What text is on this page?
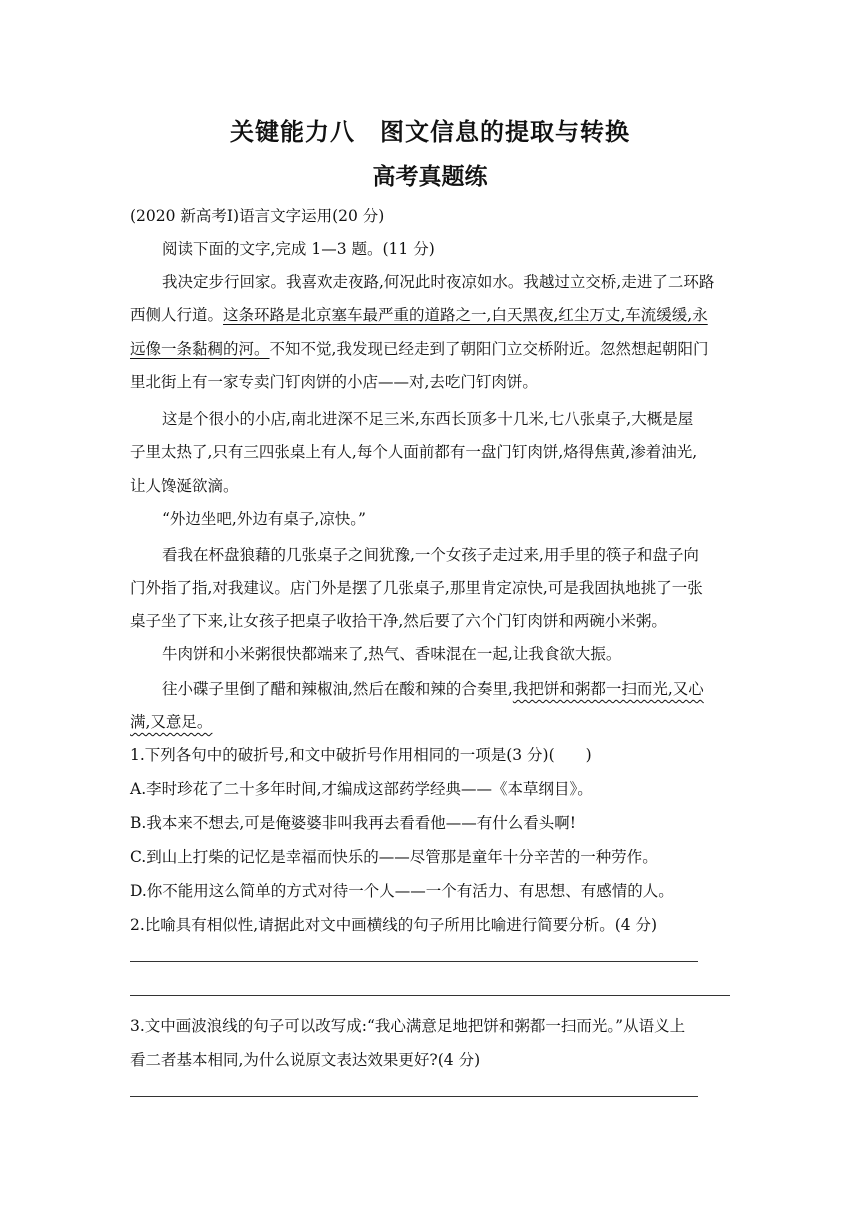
关键能力八　图文信息的提取与转换
高考真题练
(2020 新高考Ⅰ)语言文字运用(20 分)
阅读下面的文字,完成 1—3 题。(11 分)
我决定步行回家。我喜欢走夜路,何况此时夜凉如水。我越过立交桥,走进了二环路
西侧人行道。这条环路是北京塞车最严重的道路之一,白天黑夜,红尘万丈,车流缓缓,永
远像一条黏稠的河。不知不觉,我发现已经走到了朝阳门立交桥附近。忽然想起朝阳门
里北街上有一家专卖门钉肉饼的小店——对,去吃门钉肉饼。
这是个很小的小店,南北进深不足三米,东西长顶多十几米,七八张桌子,大概是屋
子里太热了,只有三四张桌上有人,每个人面前都有一盘门钉肉饼,烙得焦黄,渗着油光,
让人馋涎欲滴。
“外边坐吧,外边有桌子,凉快。”
看我在杯盘狼藉的几张桌子之间犹豫,一个女孩子走过来,用手里的筷子和盘子向
门外指了指,对我建议。店门外是摆了几张桌子,那里肯定凉快,可是我固执地挑了一张
桌子坐了下来,让女孩子把桌子收拾干净,然后要了六个门钉肉饼和两碗小米粥。
牛肉饼和小米粥很快都端来了,热气、香味混在一起,让我食欲大振。
往小碟子里倒了醋和辣椒油,然后在酸和辣的合奏里,我把饼和粥都一扫而光,又心
满,又意足。
1.下列各句中的破折号,和文中破折号作用相同的一项是(3 分)(　　)
A.李时珍花了二十多年时间,才编成这部药学经典——《本草纲目》。
B.我本来不想去,可是俺婆婆非叫我再去看看他——有什么看头啊!
C.到山上打柴的记忆是幸福而快乐的——尽管那是童年十分辛苦的一种劳作。
D.你不能用这么简单的方式对待一个人——一个有活力、有思想、有感情的人。
2.比喻具有相似性,请据此对文中画横线的句子所用比喻进行简要分析。(4 分)
3.文中画波浪线的句子可以改写成:“我心满意足地把饼和粥都一扫而光。”从语义上
看二者基本相同,为什么说原文表达效果更好?(4 分)
